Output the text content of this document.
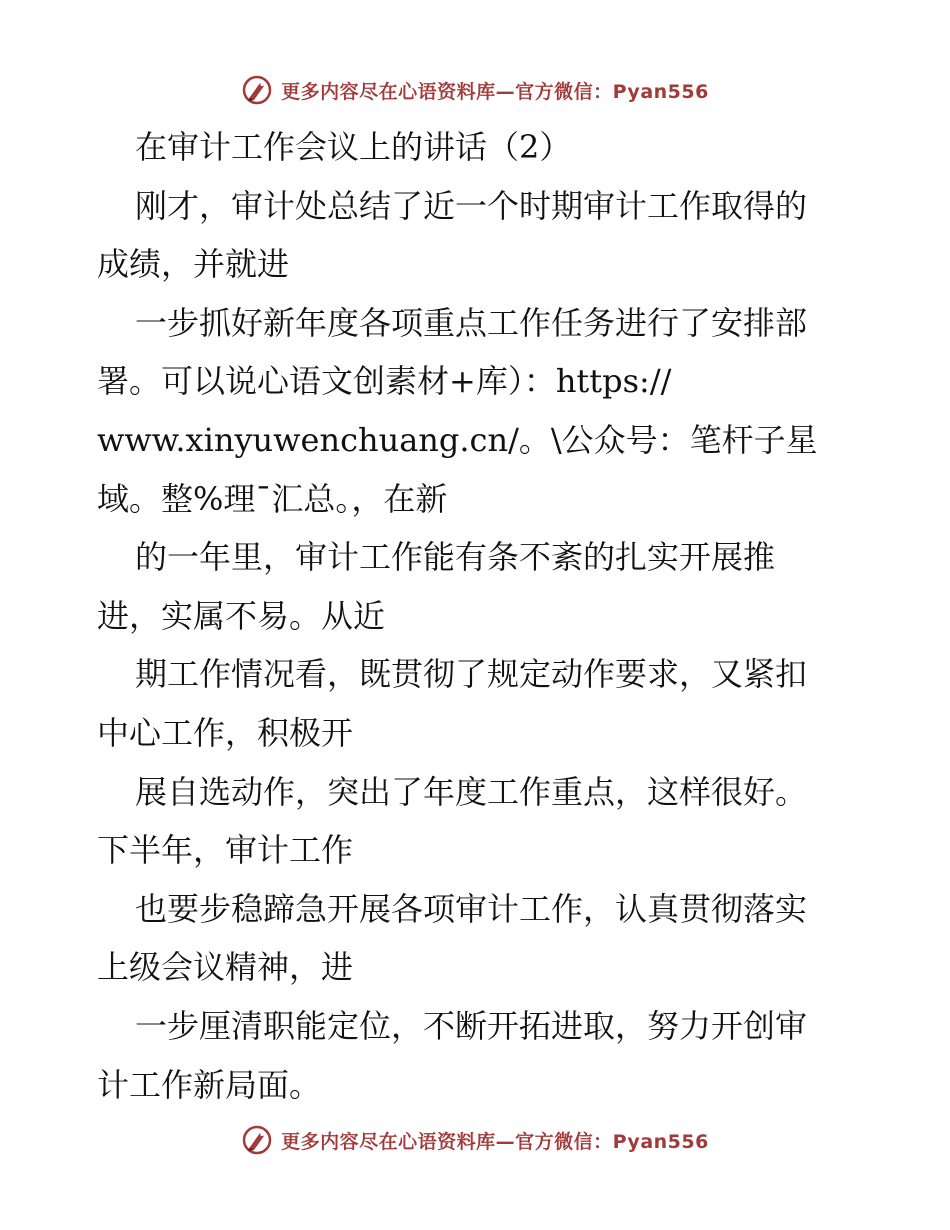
更多内容尽在心语资料库—官方微信：Pyan556
在审计工作会议上的讲话（2）
刚才，审计处总结了近一个时期审计工作取得的
成绩，并就进
一步抓好新年度各项重点工作任务进行了安排部
署。可以说心语文创素材+库）：https://
www.xinyuwenchuang.cn/。\公众号：笔杆子星
域。整%理¯汇总。，在新
的一年里，审计工作能有条不紊的扎实开展推
进，实属不易。从近
期工作情况看，既贯彻了规定动作要求，又紧扣
中心工作，积极开
展自选动作，突出了年度工作重点，这样很好。
下半年，审计工作
也要步稳蹄急开展各项审计工作，认真贯彻落实
上级会议精神，进
一步厘清职能定位，不断开拓进取，努力开创审
计工作新局面。
更多内容尽在心语资料库—官方微信：Pyan556
